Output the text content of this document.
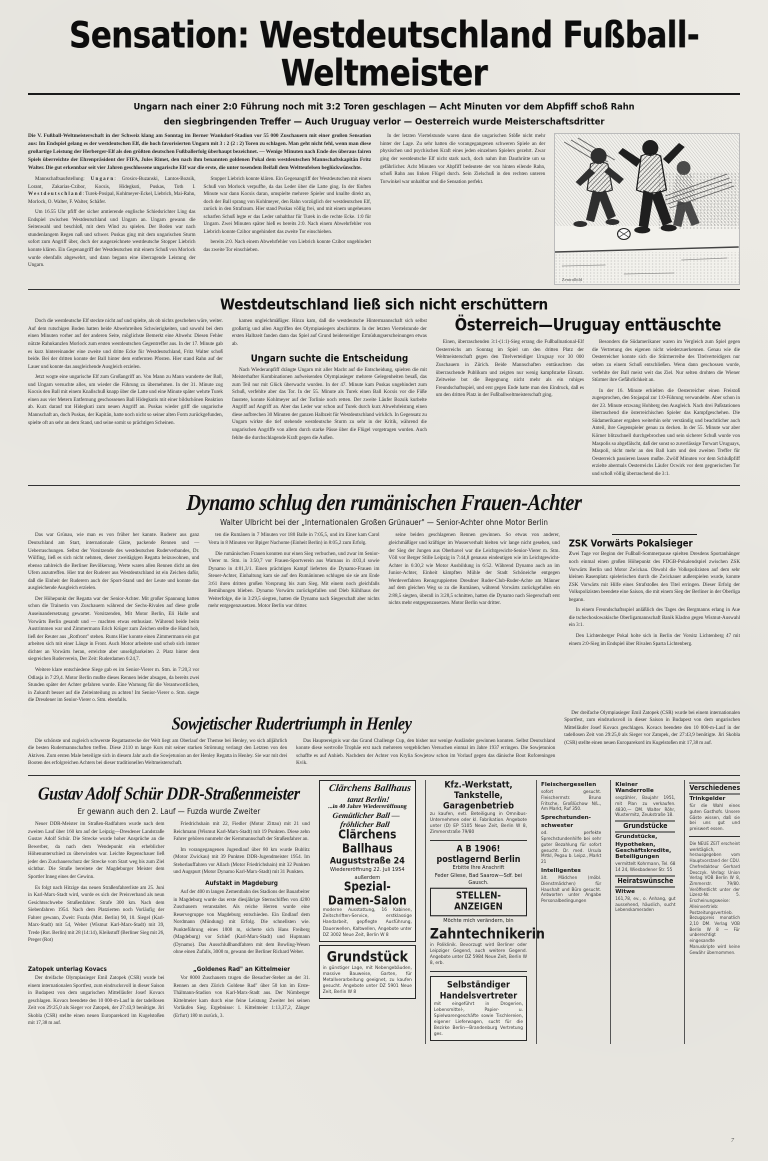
Sensation: Westdeutschland Fußball-Weltmeister
Ungarn nach einer 2:0 Führung noch mit 3:2 Toren geschlagen — Acht Minuten vor dem Abpfiff schoß Rahn
den siegbringenden Treffer — Auch Uruguay verlor — Oesterreich wurde Meisterschaftsdritter

Die V. Fußball-Weltmeisterschaft in der Schweiz klang am Sonntag im Berner Wankdorf-Stadion vor 55 000 Zuschauern mit einer großen Sensation aus: Im Endspiel gelang es der westdeutschen Elf, die hoch favorisierten Ungarn mit 3 : 2 (2 : 2) Toren zu schlagen. Man geht nicht fehl, wenn man diese großartige Leistung der Herberger-Elf als den größten deutschen Fußballerfolg überhaupt bezeichnet. — Wenige Minuten nach Ende des überaus fairen Spiels überreichte der Ehrenpräsident der FIFA, Jules Rimet, den nach ihm benannten goldenen Pokal dem westdeutschen Mannschaftskapitän Fritz Walter. Die gut erkennbar seit vier Jahren geschlossene ungarische Elf war die erste, die unter tosendem Beifall dem Weltteufelsen beglückwünschte.

Mannschaftsaufstellung: Ungarn: Grosics-Buzanski, Lantos-Bozsik, Lorant, Zakarias-Czibor, Kocsis, Hidegkuti, Puskas, Toth I. Westdeutschland: Turek-Posipal, Kohlmeyer-Eckel, Liebrich, Mai-Rahn, Morlock, O. Walter, F. Walter, Schäfer.

Um 16.55 Uhr pfiff der sicher amtierende englische Schiedsrichter Ling das Endspiel zwischen Westdeutschland und Ungarn an. Ungarn gewann die Seitenwahl und beschloß, mit dem Wind zu spielen. Der Boden war nach stundenlangem Regen naß und schwer. Puskas ging mit dem ungarischen Sturm sofort zum Angriff über, doch der ausgezeichnete westdeutsche Stopper Liebrich konnte klären. Ein Gegenangriff der Westdeutschen mit einem Schuß von Morlock wurde ebenfalls abgewehrt, und dann begann eine überragende Leistung der Ungarn.

Stopper Liebrich konnte klären. Ein Gegenangriff der Westdeutschen mit einem Schuß von Morlock verpuffte, da das Leder über die Latte ging. In der fünften Minute war dann Kocsis daran, umspielte mehrere Spieler und knallte direkt an, doch der Ball sprang von Kohlmeyer, den Rahn vorzüglich der westdeutschen Elf, zurück in den Strafraum. Hier stand Puskas völlig frei, und mit einem ungeheuren scharfen Schuß legte er das Leder unhaltbar für Turek in die rechte Ecke. 1:0 für Ungarn. Zwei Minuten später hieß es bereits 2:0. Nach einem Abwehrfehler von Liebrich konnte Czibor ungehindert das zweite Tor einschieben.

bereits 2:0. Nach einem Abwehrfehler von Liebrich konnte Czibor ungehindert das zweite Tor einschieben.

In der letzten Viertelstunde waren dann die ungarischen Stöße nicht mehr hinter der Lage. Zu sehr hatten die vorangegangenen schweren Spiele an der physischen und psychischen Kraft eines jeden einzelnen Spielers gezehrt. Zwar ging der westdeutsche Elf nicht stark nach, doch nahm ihm Dauthrütte um so gefährlicher. Acht Minuten vor Abpfiff bedeutete der von hinten eilende Rahn, schoß Rahn aus linken Flügel durch. Sein Zielschuß in den rechten unteren Torwinkel war unhaltbar und die Sensation perfekt.

Zentralbild
Westdeutschland ließ sich nicht erschüttern

Doch die westdeutsche Elf steckte nicht auf und spielte, als ob nichts geschehen wäre, weiter. Auf dem rutschigen Boden hatten beide Abwehrreihen Schwierigkeiten, und sowohl bei dem einen Minuten vorher auf der anderen Seite, möglichste Bemerkt eine Abwehr. Diesen Fehler nützte Rahnkanzlen Morlock zum ersten westdeutschen Gegentreffer aus. In der 17. Minute gab es kurz hintereinander eine zweite und dritte Ecke für Westdeutschland, Fritz Walter schoß beide. Bei der dritten konnte der Ball hinter dem entfernten Pfosten. Hier stand Rahn auf der Lauer und konnte das ausgleichende Ausgleich erzielen.

Jetzt wogte eine ungarische Elf zum Großangriff an. Von Mann zu Mann wanderte der Ball, und Ungarn versuchte alles, um wieder die Führung zu übernehmen. In der 31. Minute zog Kocsis den Ball mit einem Knallschuß knapp über die Latte und eine Minute später wehrte Turek einen aus vier Metern Entfernung geschossenen Ball Hidegkutis mit einer bildschönen Reaktion ab. Kurz darauf trat Hidegkuti zum neuen Angriff an. Puskas wieder griff die ungarische Mannschaft an, doch Puskas, der Kapitän, hatte noch nicht so seiner alten Form zurückgefunden, spielte oft an sehr an dem Stand, und seine somit so prächtigen Scheinen.

kamen ungleichmäßiger. Hinzu kam, daß die westdeutsche Hintermannschaft sich selbst großartig und allen Angriffen des Olympiasiegers abschirmte. In der letzten Viertelstunde der ersten Halbzeit fanden dann das Spiel auf Grund beiderseitiger Ermüdungserscheinungen etwas ab.

Ungarn suchte die Entscheidung

Nach Wiederanpfiff drängte Ungarn mit aller Macht auf die Entscheidung, spielten die mit Meisterhafter Kombinationen aufweisenden Olympiasieger mehrere Gelegenheiten besaß, das zum Teil nur mit Glück überwacht wurden. In der 47. Minute kam Puskas ungehindert zum Schuß, verfehlte aber das Tor. In der 55. Minute als Turek einen Ball Kocsis vor die Füße faustete, konnte Kohlmeyer auf der Torlinie noch retten. Der zweite Läufer Bozsik kurbelte Angriff auf Angriff an. Aber das Leder war schon auf Turek durch kurz Abwehrleistung einen diese aufbrechen 30 Minuten der ganzen Halbzeit für Westdeutschland wirklich. In Gegensatz zu Ungarn wirkte die tief stehende westdeutsche Sturm zu sehr in der Kritik, während die ungarischen Angriffe von allem durch starke Pässe über die Flügel vorgetragen wurden. Auch fehlte die durchschlagende Kraft gegen die Außen.

Österreich—Uruguay enttäuschte

Einen, überraschenden 3:1-(1:1)-Sieg errang die Fußballnational-Elf Oesterreichs am Sonntag im Spiel um den dritten Platz der Weltmeisterschaft gegen den Titelverteidiger Uruguay vor 30 000 Zuschauern in Zürich. Beide Mannschaften enttäuschten das überraschende Publikum und zeigten nur wenig kampfstarke Einsatz. Zeitweise bot die Begegnung nicht mehr als ein ruhiges Freundschaftsspiel, und erst gegen Ende hatte man den Eindruck, daß es um den dritten Platz in der Fußballweltmeisterschaft ging.

Besonders die Südamerikaner waren im Vergleich zum Spiel gegen die Vertretung des eigenen nicht wiederzuerkennen. Genau wie die Oesterreicher konnte sich die Stürmerreihe des Titelverteidigers nur selten zu einem Schuß entschließen. Wenn dann geschossen wurde, verfehlte der Ball meist weit das Ziel. Nur selten drohten die Wiener Stürmer ihre Gefährlichkeit an.

In der 16. Minute erhielten die Oesterreicher einen Freistoß zugesprochen, den Stojaspal zur 1:0-Führung verwandelte. Aber schon in der 23. Minute erzwang Hohberg den Ausgleich. Nach drei Paßstationen überraschend die österreichischen Spieler das Kampfgeschehen. Die Südamerikaner ergaben weiterhin sehr verständig und beachtlicher auch Anteil, ihre Gegenspieler genau zu decken. In der 55. Minute war aber Körner blitzschnell durchgebrochen und sein sicherer Schuß wurde von Maspolis so abgefälscht, daß der sonst so zuverlässige Torwart Uruguays, Maspoli, nicht mehr an den Ball kam und den zweiten Treffer für Oesterreich passieren lassen mußte. Zwölf Minuten vor dem Schlußpfiff erzielte abermals Oesterreichs Läufer Ocwirk vor dem gegnerischen Tor und schoß völlig überraschend die 3:1.

Dynamo schlug den rumänischen Frauen-Achter
Walter Ulbricht bei der „Internationalen Großen Grünauer" — Senior-Achter ohne Motor Berlin

Das war Grünau, wie man es von früher her kannte. Ruderer aus ganz Deutschland am Start, internationale Gäste, packende Rennen und — Ueberraschungen. Selbst der Vorsitzende des westdeutschen Ruderverbandes, Dr. Wülfing, ließ es sich nicht nehmen, dieser zweitägigen Regatta beizuwohnen, und ebenso zahlreich die Berliner Bevölkerung. Werte waren allen Rennen dicht an den Ufern anzutreffen. Hier trat der Ruderer aus Westdeutschland ist ein Zeichen dafür, daß die Einheit der Ruderern auch der Sport-Stand und der Leute und konnte das ausgleichende Ausgleich erzielen.

Der Höhepunkt der Regatta war der Senior-Achter. Mit großer Spannung hatten schon die Trainerin von Zuschauern während der Sechs-Rivalen auf diese große Auseinandersetzung gewartet. Vorsitzenden, Mit Motor Berlin, Eli Halle und Vorwärts Berlin gesandt und — machten etwas enthusiast. Während beide beim Austrimmen war und Zimmermann Erich Krüger zum Zeichen stellte die Hand hob, ließ der Reuter aus „Rotfront" stehen. Rums Hier konnte einen Zimmermann ein gut arbeiten sich mit einer Länge in Front. Auch Motor arbeitete und schob sich immer dichter an Vorwärts heran, erreichte aber unseligbarkeiten 2. Platz hinter dem siegreichen Ruderverein, Der Zeit: Ruderdamen 6:24,7.

Weitere klare entschiedene Siege gab es im Senior-Vierer m. Stm. in 7:20,3 vor Odlasja in 7:29,4. Motor Berlin mußte dieses Rennen leider absagen, da bereits zwei Stunden später der Achter gefahren wurde. Eine Warnung für die Verantwortlichen, in Zukunft besser auf die Zeiteinteilung zu achten! Im Senior-Vierer o. Stm. siegte die Dresdener im Senior-Vierer o. Stm. ebenfalls.

ten die Rumänen in 7 Minuten vor 180 Balle in 7:05,5, und im Einer kam Carol Verra in 8 Minuten vor Bpiger Nachome (Einheit Berlin) in 8:05,2 zum Erfolg.

Die rumänischen Frauen konnten nur einen Sieg verbuchen, und zwar im Senior-Vierer m. Stm. in 3:50,7 vor Frauen-Sportverein aus Warnaus in 4:03,4 sowie Dynamo in 4:01,3/1. Einen prächtigen Kampf lieferten die Dynamo-Frauen im Steuer-Achter, Einhaltung kam sie auf den Rumäninnen schlugen sie sie am Ende 3:61 ihren dritten großen Vorsprung bis zum Sieg. Mit einem noch gleichfalls Bemühungen blieben. Dynamo Vorwärts zurückgefallen und Dieb Kühlhaus der Weiterfolge, die in 3:29,5 siegten, hatten die Dynamo nach Siegerschaft aber nichts mehr entgegenzusetzen. Motor Berlin war dritter.

seine beiden geschlagenen Rennen gewinnen. So etwas von anderer, gleichmäßiger und kräftiger im Wasserverhalt hielten wir lange nicht gesehen, und der Sieg der Jungen aus Oberhavel war die Leichtgewicht-Senior-Vierer m. Stm. Völl vor Berger Stille Leipzig in 7:44,8 genauso eindeutigen wie im Leichtgewicht-Achter in 6:30,2 wie Motor Ausbildung in 6:52. Während Dynamo auch an im Junior-Achter, Einheit kämpften Mühle der Stadt Schöneiche entgegen Werdeverfahren Renngruppierten Dresdner Ruder-Club-Ruder-Achte am Männer auf dem gleichen Weg so zu die Rumänen, während Vorwärts zurückgefallen ein 2:88,5 siegten, überall in 3:28,5 schnitten, hatten die Dynamo nach Siegerschaft erst nichts mehr entgegenzusetzen. Motor Berlin war dritter.

ZSK Vorwärts Pokalsieger

Zwei Tage vor Beginn der Fußball-Sommerpause spielten Dresdens Sportanhänger noch einmal einen großen Höhepunkt des FDGB-Pokalendspiel zwischen ZSK Vorwärts Berlin und Motor Zwickau. Obwohl die Volkspolizisten auf dem sehr kleinen Rasenplatz spielerischen durch die Zwickauer außerspielen wurde, konnte ZSK Vorwärts mit Hilfe eines Strafstoßes den Titel erringen. Dieser Erfolg der Volkspolizisten beendete eine Saison, die mit einem Sieg der Berliner in der Oberliga begann.

In einem Freundschaftsspiel anläßlich des Tages des Bergmanns erlang in Aue die tschechoslowakische Oberligamannschaft Banik Kladno gegen Wismut-Auswahl ein 3:1.

Den Lichtenberger Pokal holte sich in Berlin der Vorsitz Lichtenberg 47 mit einem 2:0-Sieg im Endspiel über Rivalen Sparta Lichtenberg.

Sowjetischer Rudertriumph in Henley

Die schönste und zugleich schwerste Regattastrecke der Welt liegt am Oberlauf der Themse bei Henley, wo sich alljährlich die besten Rudermannschaften treffen. Diese 2110 m lange Kurs mit seiner starken Strömung verlangt den Letzten von den Aktiven. Zum ersten Male beteiligte sich in diesem Jahr auch die Sowjetunion an der Henley Regatta in Henley. Sie war mit drei Booten des erfolgreichen Achters bei dieser traditionellen Weltmeisterschaft.

Das Hauptereignis war das Grand Challenge Cup, den bisher nur wenige Ausländer gewinnen konnten. Selbst Deutschland konnte diese wertvolle Trophäe erst nach mehreren vergeblichen Versuchen einmal im Jahre 1937 erringen. Die Sowjetunion schaffte es auf Anhieb. Nachdem der Achter von Krylia Sowjetow schon im Vorlauf gegen das dänische Boot Roforeningen Kvik.

Der dreifache Olympiasieger Emil Zatopek (CSR) wurde bei einem internationalen Sportfest, zum eindrucksvoll in dieser Saison in Budapest von dem ungarischen Mittelläufer Josef Kovacs geschlagen. Kovacs beendete den 10 000-m-Lauf in der tadellosen Zeit von 29:25,0 als Sieger vor Zatopek, der 27:43,9 benötigte. Jiri Skobla (CSR) stellte einen neuen Europarekord im Kugelstoßen mit 17,38 m auf.

Gustav Adolf Schür DDR-Straßenmeister
Er gewann auch den 2. Lauf — Fuzda wurde Zweiter

Neuer DDR-Meister im Straßen-Radfahren wurde nach dem zweiten Lauf über 160 km auf der Leipzig—Dresdener Landstraße Gustav Adolf Schür. Die Strecke wurde hoher Ansprüche an die Bewerber, da nach dem Wendepunkt ein erheblicher Höhenunterschied zu überwinden war. Leichte Regenschauer ließ jeder den Zuschauerschutz der Strecke vom Start weg bis zum Ziel sichtbar. Die Straße bereitete der Magdeburger Meister dem Sportler Inneg eines der Gewinn.

Es folgt nach Hitzige das neuen Straßenfahrerliste am 25. Juni in Karl-Marx-Stadt wird, wurde es sich der Preisverband als neun Gesichtsschwebe Straßenfahrer. Strafe 300 km. Nach dem Siebenfahren 1954. Nach dem Platzierten noch Vorläufig der Fahrer gewann, Zweit: Fuzda (Mot. Berlin) 90, 10. Siegel (Karl-Marx-Stadt) mit 54, Weber (Wismut Karl-Marx-Stadt) mit 39, Trede (Rot. Berlin) mit 28 (14:14), Kleikstuff (Berliner Sieg mit 26, Preger (Rot)

Friedrichshain mit 22, Fiedler (Motor Zittau) mit 21 und Reichmann (Wismut Karl-Marx-Stadt) mit 19 Punkten. Diese zehn Fahrer gehören nunmehr der Kernmannschaft der Straßenfahrer an.

Im vorangegangenen Jugendlauf über 80 km wurde Bublitz (Motor Zwickau) mit 39 Punkten DDR-Jugendmeister 1954. Im Steherlauffahren vor Allach (Motor Friedrichshain) mit 32 Punkten und Augspurt (Motor Dynamo Karl-Marx-Stadt) mit 31 Punkten.

Aufstakt in Magdeburg

Auf der 400 m langen Zementbahn des Stadions der Bauarbeiter in Magdeburg wurde das erste diesjährige Sternschiffen von 4200 Zuschauern veranstaltet. Als reiche Herren wurde eine Reservegruppe von Magdeburg entschieden. Ein Endlauf dem Nordmann (Mündung) mit Erfolg. Die schnellsten wie. Punkteführung eines 1000 m, sicherte sich Hans Freiberg (Magdeburg) vor Schlef (Karl-Marx-Stadt) und Hupmann (Dynamo). Das Ausschlußhandfahren mit dem Bowling-Wesen ohne einen Zufalls, 3000 m, gewann der Berliner Richard Weber.

Zatopek unterlag Kovacs

Der dreifache Olympiasieger Emil Zatopek (CSR) wurde bei einem internationalen Sportfest, zum eindrucksvoll in dieser Saison in Budapest von dem ungarischen Mittelläufer Josef Kovacs geschlagen. Kovacs beendete den 10 000-m-Lauf in der tadellosen Zeit von 29:25,0 als Sieger vor Zatopek, der 27:43,9 benötigte. Jiri Skobla (CSR) stellte einen neuen Europarekord im Kugelstoßen mit 17,38 m auf.

„Goldenes Rad" an Kittelmeier

Vor 8000 Zuschauern trugen die Besucher-Steher an der 31. Rennen an dem Zürich Goldene Rad" über 50 km im Erste-Thälmann-Stadion von Karl-Marx-Stadt aus. Der Nürnberger Kittelmeier kam durch eine feine Leistung Zweiter bei seinen Vorläufen Sieg. Ergebnisse: 1. Kittelmeier 1:13,37,2, Zänger (Erfurt) 180 m zurück, 3.

Clärchens Ballhaus
tanzt Berlin!
...in 40 Jahre Wiedereröffnung
Gemütlicher Ball — fröhlicher Ball
Clärchens Ballhaus
Auguststraße 24
Wiedereröffnung 22. Juli 1954
außerdem
Spezial-Damen-Salon
moderne Ausstattung, 16 Kabinen, Zeitschriften-Service, erstklassige Handarbeit, gepflegte Ausführung, Dauerwellen, Kaltwellen, Angebote unter DZ 3002 Neue Zeit, Berlin W 8
Grundstück
in günstiger Lage, mit Nebengebäuden, massive Bauweise, Garten, für Metallverarbeitung geeignet, zu kaufen gesucht. Angebote unter DZ 5901 Neue Zeit, Berlin W 8
Kfz.-Werkstatt, Tankstelle,
Garagenbetrieb
zu kaufen, evtl. Beteiligung in Omnibus-Unternehmen oder kl. Fabrikation. Angebote unter (D) EP 5105 Neue Zeit, Berlin W 8, Zimmerstraße 79/80
A B 1906! postlagernd Berlin
Erbitte Ihre Anschrift
Feder Gliese, Bad Saarow—Sdf. bei Gausch.
STELLEN-ANZEIGEN
Möchte mich verändern, bin
Zahntechnikerin
in Poliklinik. Bevorzugt wird Berliner oder Leipziger Gegend, auch weitere Gegend. Angebote unter DZ 5984 Neue Zeit, Berlin W 8, erb.
Selbständiger
Handelsvertreter
mit eingeführt in Drogerien, Lebensmittel-, Papier- u. Spielwarengeschäfte sowie Tischlereien, eigener Lieferwagen, sucht für die Bezirke Berlin—Brandenburg Vertretung ges.
Fleischergesellen
sofort gesucht. Fleischermstr. Bruno Fritsche, Großlüchow N/L., Am Markt, Ruf 350.
Sprechstunden-
schwester
od. perfekte Sprechstundenhilfe bei sehr guter Bezahlung für sofort gesucht. Dr. med. Ursula Mrtkl, Pegau b. Leipz., Markt 21
Intelligentes
ält. Mädchen (möbl. Dienstmädchen) für Haushalt und Büro gesucht. Antworten unter Angabe Personalbedingungen
Kleiner Wanderrolle
seqzähler, Baujahr 1951, mit Plan zu verkaufen. 4830,— DM. Walter Röhr, Wustermitz, Zeukstraße 18.
Grundstücke
Grundstücke,
Hypotheken, Geschäftskredite, Beteiligungen
vermittelt Kohrmann, Tel. 68 14 24, Wiesbadener Str. 55
Heiratswünsche
Witwe
161,78, ev., o. Anhang, gut aussehend, häuslich, sucht Lebenskameraden
Verschiedenes
Trinkgelder
für die Wahl eines guten Gasthofs. Unsere Gäste wissen, daß sie bei uns gut und preiswert essen.
Die NEUE ZEIT erscheint werktäglich, herausgegeben vom Hauptvorstand der CDU. Chefredakteur Gerhard Desczyk. Verlag: Union Verlag VOB Berlin W 8, Zimmerstr. 79/80. Veröffentlicht unter der Lizenz-Nr. 5. Erscheinungsweise: Alleinvertrieb: Postzeitungsvertrieb. Bezugspreis monatlich 2,10 DM. Verlag VOB Berlin W 8 — Für unberechtigt eingesandte Manuskripte wird keine Gewähr übernommen.
7
